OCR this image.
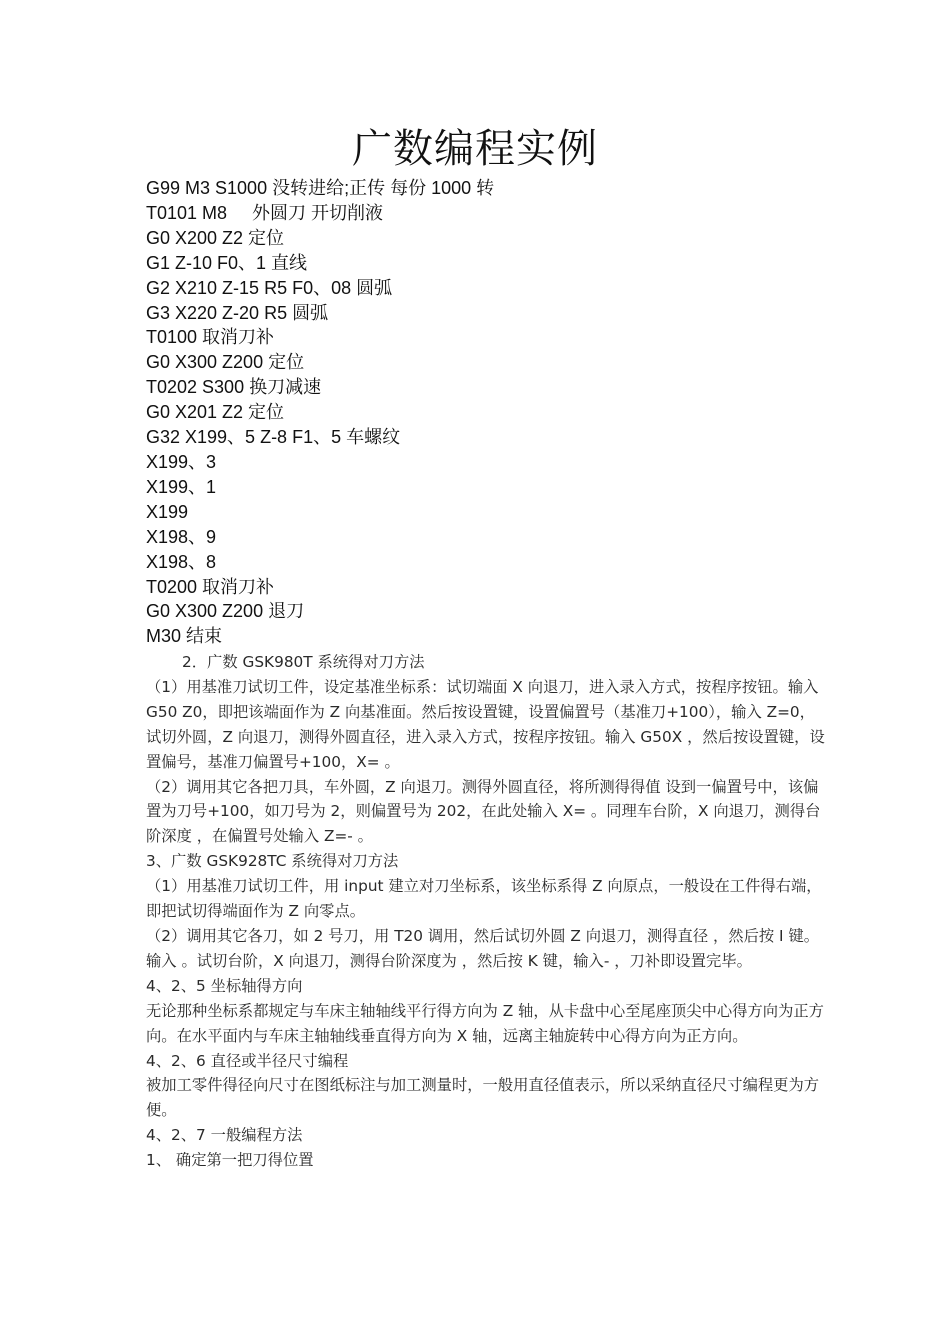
广数编程实例
G99 M3 S1000 没转进给;正传 每份 1000 转
T0101 M8     外圆刀 开切削液
G0 X200 Z2 定位
G1 Z-10 F0、1 直线
G2 X210 Z-15 R5 F0、08 圆弧
G3 X220 Z-20 R5 圆弧
T0100 取消刀补
G0 X300 Z200 定位
T0202 S300 换刀减速
G0 X201 Z2 定位
G32 X199、5 Z-8 F1、5 车螺纹
X199、3
X199、1
X199
X198、9
X198、8
T0200 取消刀补
G0 X300 Z200 退刀
M30 结束

2．广数 GSK980T 系统得对刀方法

（1）用基准刀试切工件，设定基准坐标系：试切端面 X 向退刀，进入录入方式，按程序按钮。输入 G50 Z0，即把该端面作为 Z 向基准面。然后按设置键，设置偏置号（基准刀+100），输入 Z=0，试切外圆，Z 向退刀，测得外圆直径，进入录入方式，按程序按钮。输入 G50X ，然后按设置键，设置偏号，基准刀偏置号+100，X= 。

（2）调用其它各把刀具，车外圆，Z 向退刀。测得外圆直径，将所测得得值 设到一偏置号中，该偏置为刀号+100，如刀号为 2，则偏置号为 202，在此处输入 X= 。同理车台阶，X 向退刀，测得台阶深度 ，在偏置号处输入 Z=- 。

3、广数 GSK928TC 系统得对刀方法

（1）用基准刀试切工件，用 input 建立对刀坐标系，该坐标系得 Z 向原点，一般设在工件得右端，即把试切得端面作为 Z 向零点。

（2）调用其它各刀，如 2 号刀，用 T20 调用，然后试切外圆 Z 向退刀，测得直径 ，然后按 I 键。输入 。试切台阶，X 向退刀，测得台阶深度为 ，然后按 K 键，输入- ，刀补即设置完毕。

4、2、5 坐标轴得方向

无论那种坐标系都规定与车床主轴轴线平行得方向为 Z 轴，从卡盘中心至尾座顶尖中心得方向为正方向。在水平面内与车床主轴轴线垂直得方向为 X 轴，远离主轴旋转中心得方向为正方向。

4、2、6 直径或半径尺寸编程

被加工零件得径向尺寸在图纸标注与加工测量时，一般用直径值表示，所以采纳直径尺寸编程更为方便。

4、2、7 一般编程方法

1、 确定第一把刀得位置
